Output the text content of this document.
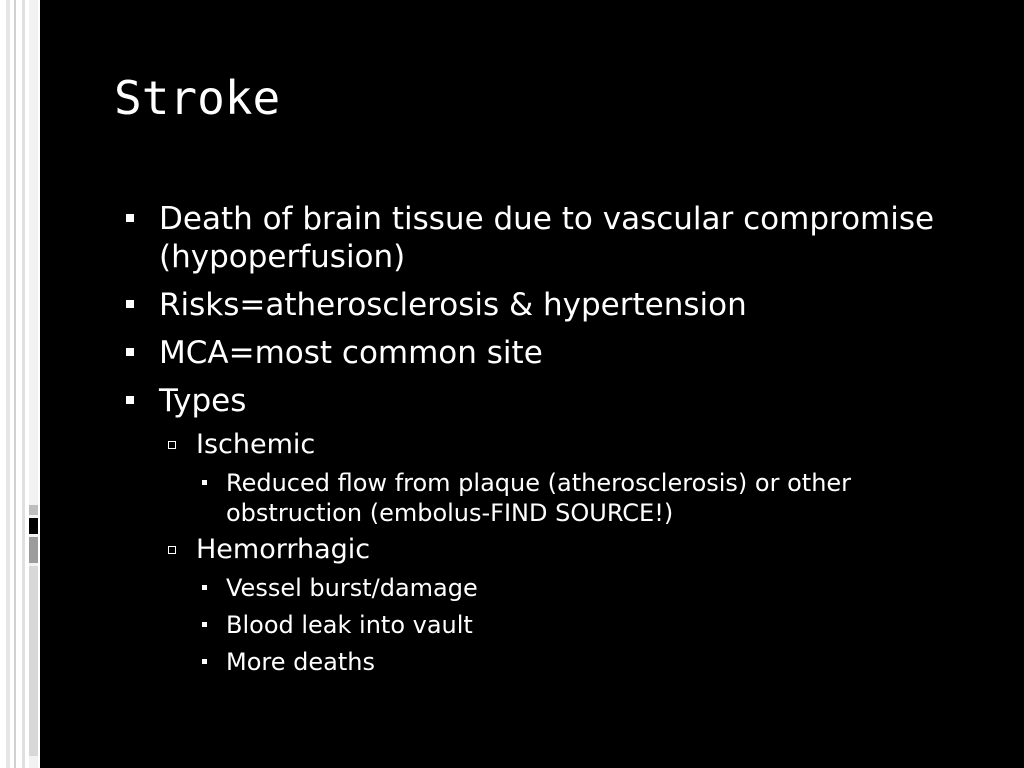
Stroke
Death of brain tissue due to vascular compromise (hypoperfusion)
Risks=atherosclerosis & hypertension
MCA=most common site
Types
Ischemic
Reduced flow from plaque (atherosclerosis) or other obstruction (embolus-FIND SOURCE!)
Hemorrhagic
Vessel burst/damage
Blood leak into vault
More deaths
